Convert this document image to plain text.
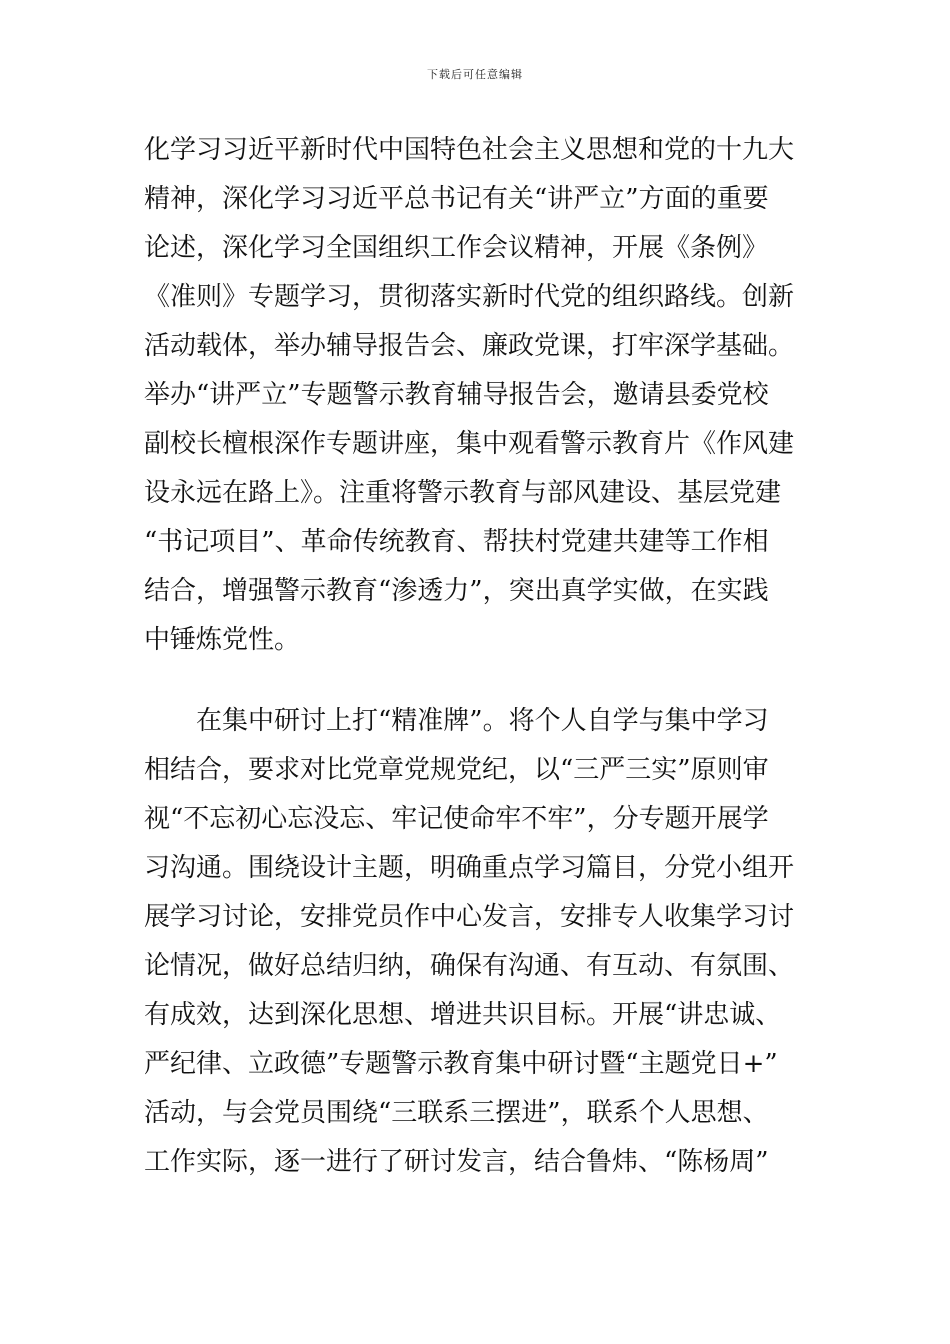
下载后可任意编辑
化学习习近平新时代中国特色社会主义思想和党的十九大
精神，深化学习习近平总书记有关“讲严立”方面的重要
论述，深化学习全国组织工作会议精神，开展《条例》
《准则》专题学习，贯彻落实新时代党的组织路线。创新
活动载体，举办辅导报告会、廉政党课，打牢深学基础。
举办“讲严立”专题警示教育辅导报告会，邀请县委党校
副校长檀根深作专题讲座，集中观看警示教育片《作风建
设永远在路上》。注重将警示教育与部风建设、基层党建
“书记项目”、革命传统教育、帮扶村党建共建等工作相
结合，增强警示教育“渗透力”，突出真学实做，在实践
中锤炼党性。
　　在集中研讨上打“精准牌”。将个人自学与集中学习
相结合，要求对比党章党规党纪，以“三严三实”原则审
视“不忘初心忘没忘、牢记使命牢不牢”，分专题开展学
习沟通。围绕设计主题，明确重点学习篇目，分党小组开
展学习讨论，安排党员作中心发言，安排专人收集学习讨
论情况，做好总结归纳，确保有沟通、有互动、有氛围、
有成效，达到深化思想、增进共识目标。开展“讲忠诚、
严纪律、立政德”专题警示教育集中研讨暨“主题党日+”
活动，与会党员围绕“三联系三摆进”，联系个人思想、
工作实际，逐一进行了研讨发言，结合鲁炜、“陈杨周”
